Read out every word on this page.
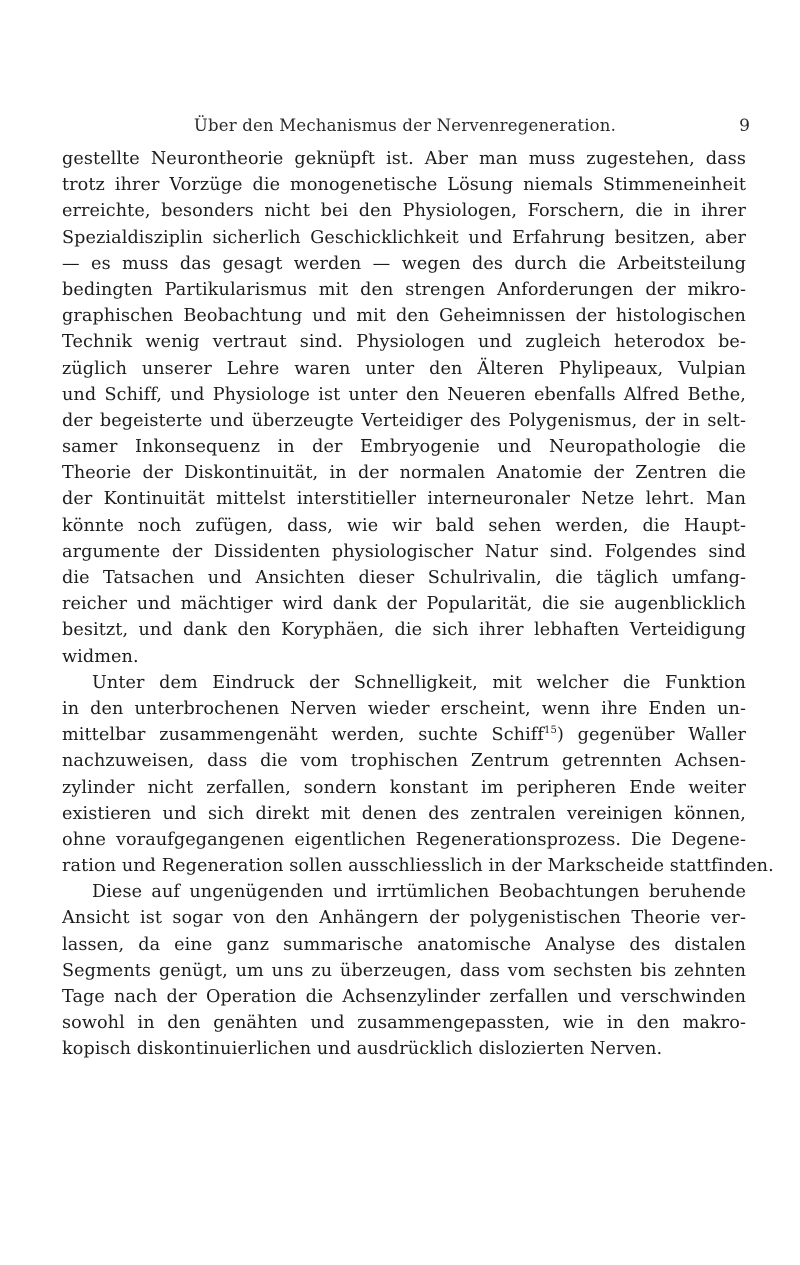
Über den Mechanismus der Nervenregeneration.	9
gestellte Neurontheorie geknüpft ist. Aber man muss zugestehen, dass
trotz ihrer Vorzüge die monogenetische Lösung niemals Stimmeneinheit
erreichte, besonders nicht bei den Physiologen, Forschern, die in ihrer
Spezialdisziplin sicherlich Geschicklichkeit und Erfahrung besitzen, aber
— es muss das gesagt werden — wegen des durch die Arbeitsteilung
bedingten Partikularismus mit den strengen Anforderungen der mikro-
graphischen Beobachtung und mit den Geheimnissen der histologischen
Technik wenig vertraut sind. Physiologen und zugleich heterodox be-
züglich unserer Lehre waren unter den Älteren Phylipeaux, Vulpian
und Schiff, und Physiologe ist unter den Neueren ebenfalls Alfred Bethe,
der begeisterte und überzeugte Verteidiger des Polygenismus, der in selt-
samer Inkonsequenz in der Embryogenie und Neuropathologie die
Theorie der Diskontinuität, in der normalen Anatomie der Zentren die
der Kontinuität mittelst interstitieller interneuronaler Netze lehrt. Man
könnte noch zufügen, dass, wie wir bald sehen werden, die Haupt-
argumente der Dissidenten physiologischer Natur sind. Folgendes sind
die Tatsachen und Ansichten dieser Schulrivalin, die täglich umfang-
reicher und mächtiger wird dank der Popularität, die sie augenblicklich
besitzt, und dank den Koryphäen, die sich ihrer lebhaften Verteidigung
widmen.
Unter dem Eindruck der Schnelligkeit, mit welcher die Funktion
in den unterbrochenen Nerven wieder erscheint, wenn ihre Enden un-
mittelbar zusammengenäht werden, suchte Schiff$^{15}$) gegenüber Waller
nachzuweisen, dass die vom trophischen Zentrum getrennten Achsen-
zylinder nicht zerfallen, sondern konstant im peripheren Ende weiter
existieren und sich direkt mit denen des zentralen vereinigen können,
ohne voraufgegangenen eigentlichen Regenerationsprozess. Die Degene-
ration und Regeneration sollen ausschliesslich in der Markscheide stattfinden.
Diese auf ungenügenden und irrtümlichen Beobachtungen beruhende
Ansicht ist sogar von den Anhängern der polygenistischen Theorie ver-
lassen, da eine ganz summarische anatomische Analyse des distalen
Segments genügt, um uns zu überzeugen, dass vom sechsten bis zehnten
Tage nach der Operation die Achsenzylinder zerfallen und verschwinden
sowohl in den genähten und zusammengepassten, wie in den makro-
kopisch diskontinuierlichen und ausdrücklich dislozierten Nerven.
